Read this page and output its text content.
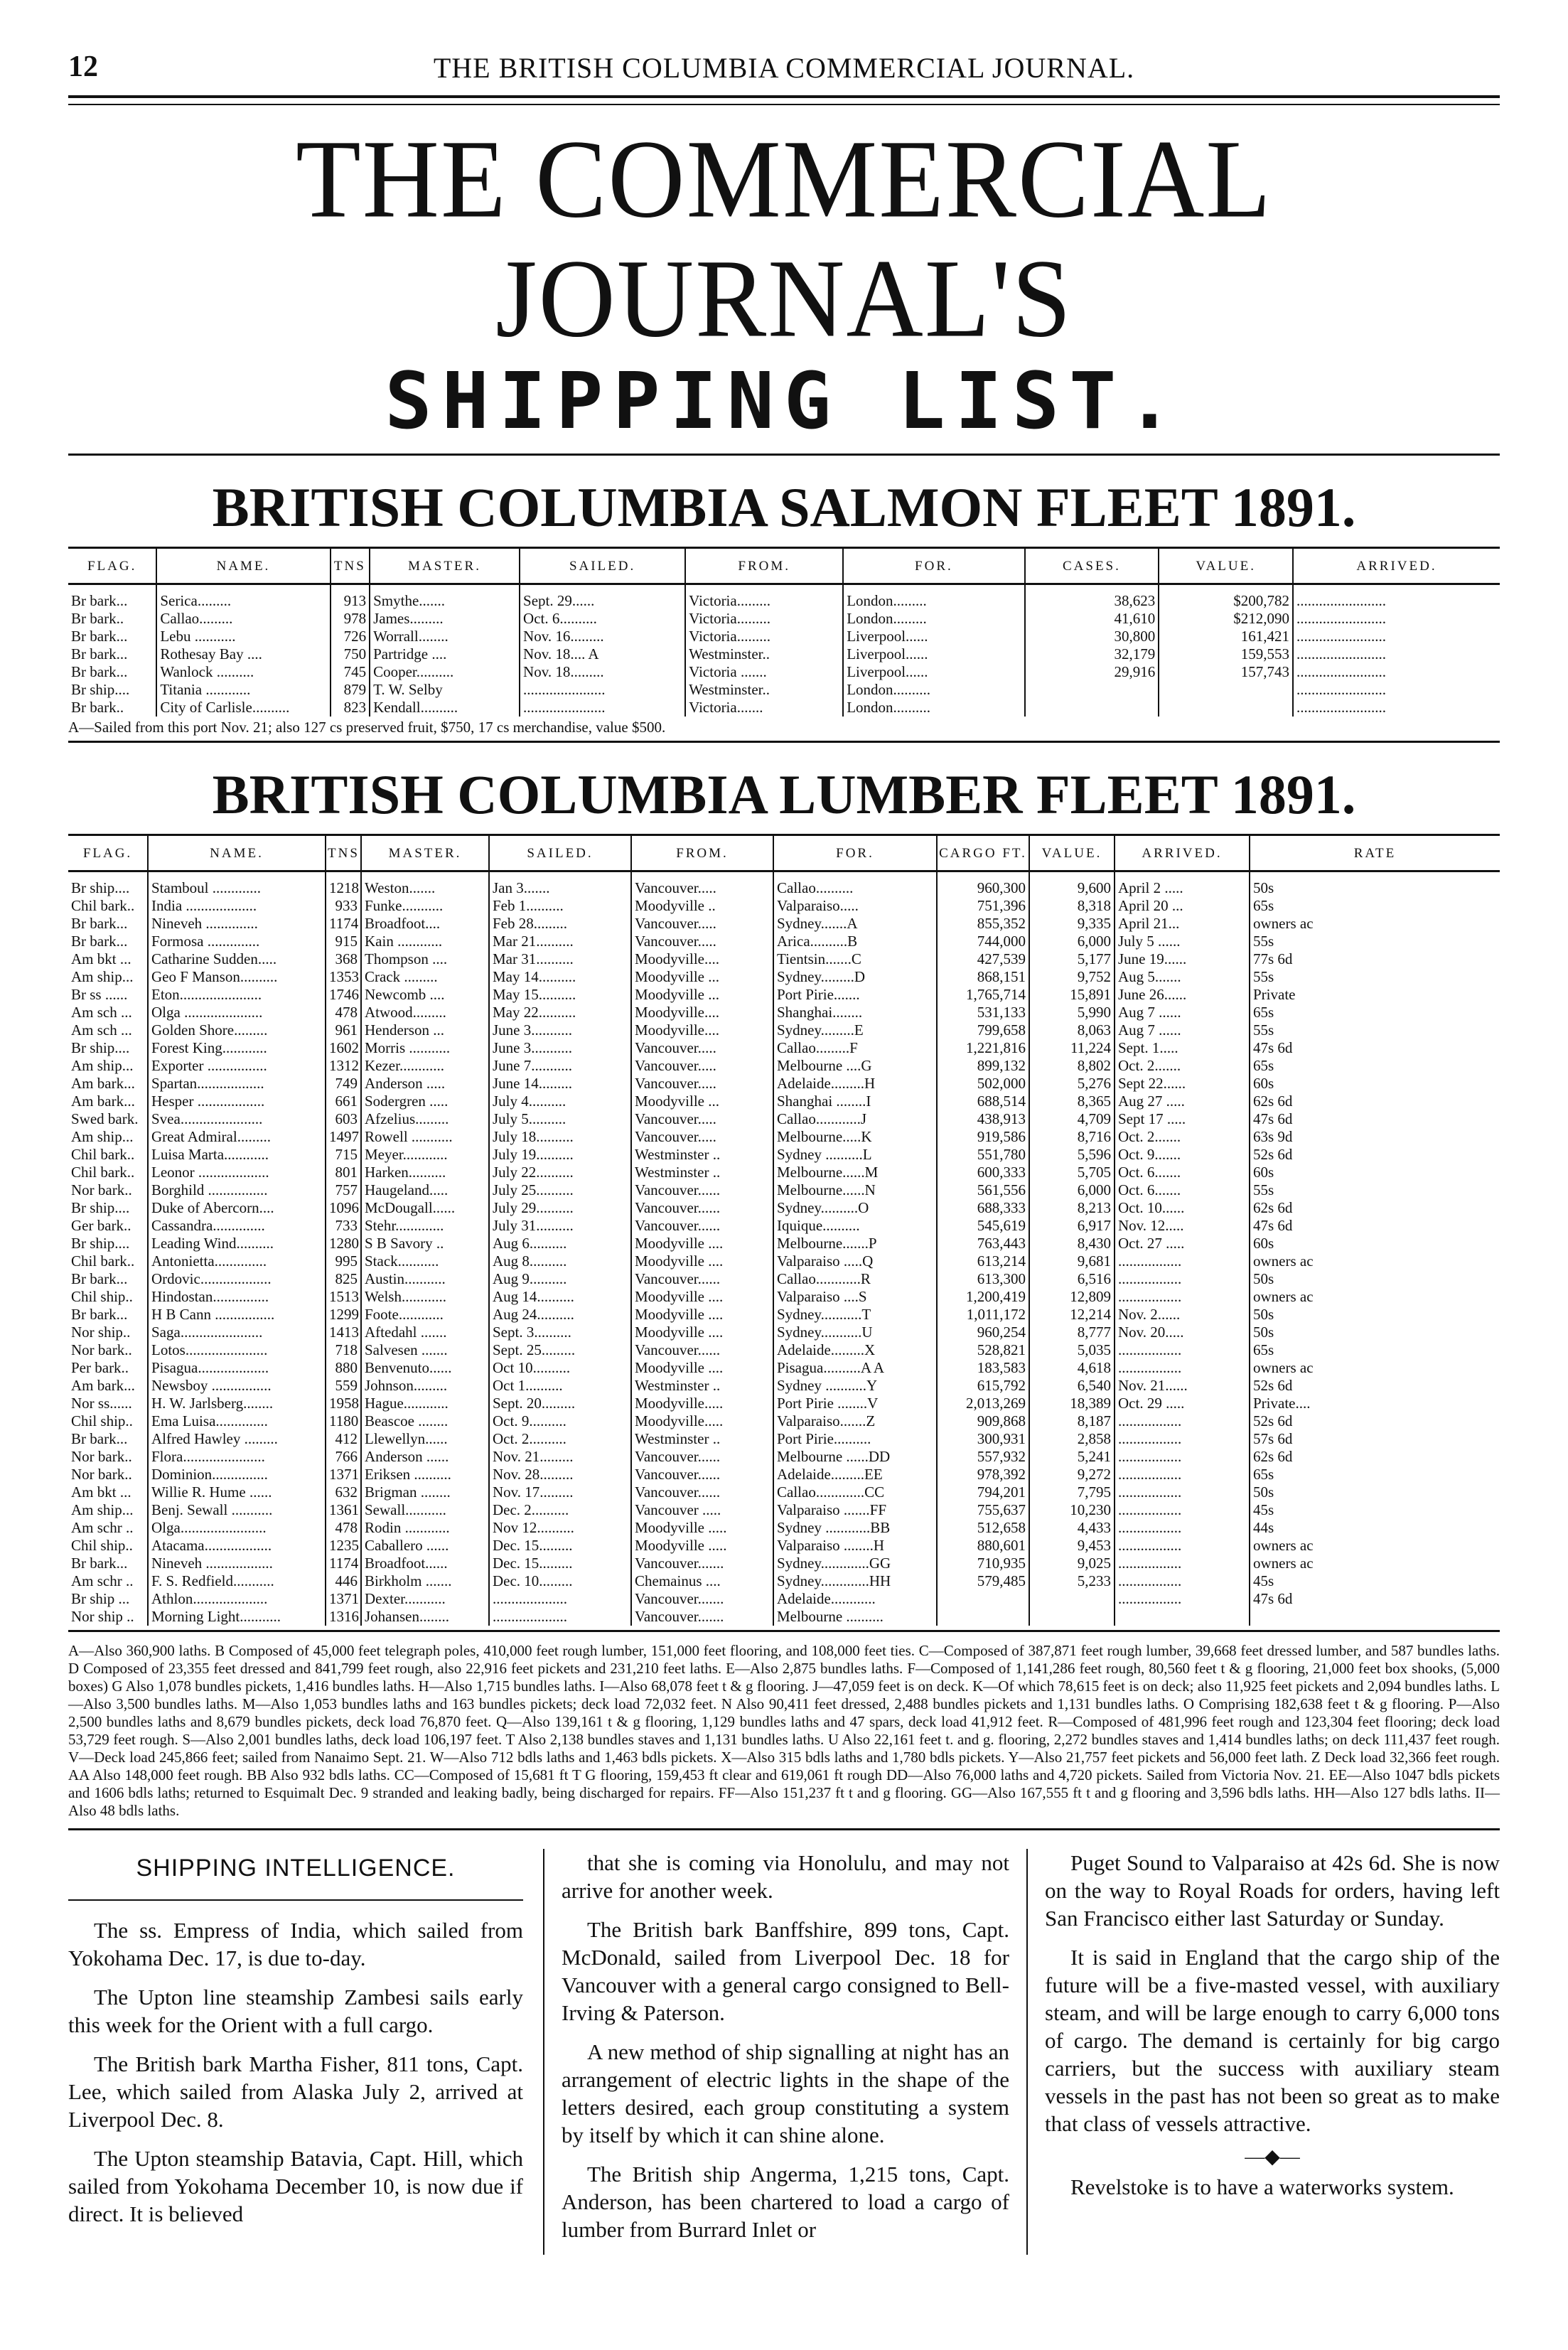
12	THE BRITISH COLUMBIA COMMERCIAL JOURNAL.
THE COMMERCIAL JOURNAL'S
SHIPPING LIST.
BRITISH COLUMBIA SALMON FLEET 1891.
FLAG.	NAME.	TNS	MASTER.	SAILED.	FROM.	FOR.	CASES.	VALUE.	ARRIVED.
Br bark...	Serica.........	913	Smythe.......	Sept. 29......	Victoria.........	London.........	38,623	$200,782	........................
Br bark..	Callao.........	978	James.........	Oct. 6..........	Victoria.........	London.........	41,610	$212,090	........................
Br bark...	Lebu ...........	726	Worrall........	Nov. 16.........	Victoria.........	Liverpool......	30,800	161,421	........................
Br bark...	Rothesay Bay ....	750	Partridge ....	Nov. 18.... A	Westminster..	Liverpool......	32,179	159,553	........................
Br bark...	Wanlock ..........	745	Cooper..........	Nov. 18.........	Victoria .......	Liverpool......	29,916	157,743	........................
Br ship....	Titania ............	879	T. W. Selby	......................	Westminster..	London..........			........................
Br bark..	City of Carlisle..........	823	Kendall..........	......................	Victoria.......	London..........			........................
A—Sailed from this port Nov. 21; also 127 cs preserved fruit, $750, 17 cs merchandise, value $500.
BRITISH COLUMBIA LUMBER FLEET 1891.
FLAG.	NAME.	TNS	MASTER.	SAILED.	FROM.	FOR.	CARGO FT.	VALUE.	ARRIVED.	RATE
Br ship....	Stamboul .............	1218	Weston.......	Jan 3.......	Vancouver.....	Callao..........	960,300	9,600	April 2 .....	50s
Chil bark..	India ...................	933	Funke...........	Feb 1..........	Moodyville ..	Valparaiso.....	751,396	8,318	April 20 ...	65s
Br bark...	Nineveh ..............	1174	Broadfoot....	Feb 28.........	Vancouver.....	Sydney.......A	855,352	9,335	April 21...	owners ac
Br bark...	Formosa ..............	915	Kain ............	Mar 21..........	Vancouver.....	Arica..........B	744,000	6,000	July 5 ......	55s
Am bkt ...	Catharine Sudden.....	368	Thompson ....	Mar 31..........	Moodyville....	Tientsin.......C	427,539	5,177	June 19......	77s 6d
Am ship...	Geo F Manson..........	1353	Crack .........	May 14..........	Moodyville ...	Sydney.........D	868,151	9,752	Aug 5.......	55s
Br ss ......	Eton......................	1746	Newcomb ....	May 15..........	Moodyville ...	Port Pirie.......	1,765,714	15,891	June 26......	Private
Am sch ...	Olga .....................	478	Atwood.........	May 22..........	Moodyville....	Shanghai........	531,133	5,990	Aug 7 ......	65s
Am sch ...	Golden Shore.........	961	Henderson ...	June 3...........	Moodyville....	Sydney.........E	799,658	8,063	Aug 7 ......	55s
Br ship....	Forest King............	1602	Morris ...........	June 3...........	Vancouver.....	Callao.........F	1,221,816	11,224	Sept. 1.....	47s 6d
Am ship...	Exporter ................	1312	Kezer............	June 7...........	Vancouver.....	Melbourne ....G	899,132	8,802	Oct. 2.......	65s
Am bark...	Spartan..................	749	Anderson .....	June 14.........	Vancouver.....	Adelaide.........H	502,000	5,276	Sept 22......	60s
Am bark...	Hesper ..................	661	Sodergren .....	July 4..........	Moodyville ...	Shanghai ........I	688,514	8,365	Aug 27 .....	62s 6d
Swed bark.	Svea......................	603	Afzelius.........	July 5..........	Vancouver.....	Callao............J	438,913	4,709	Sept 17 .....	47s 6d
Am ship...	Great Admiral.........	1497	Rowell ...........	July 18..........	Vancouver.....	Melbourne.....K	919,586	8,716	Oct. 2.......	63s 9d
Chil bark..	Luisa Marta............	715	Meyer............	July 19..........	Westminster ..	Sydney ..........L	551,780	5,596	Oct. 9.......	52s 6d
Chil bark..	Leonor ...................	801	Harken..........	July 22..........	Westminster ..	Melbourne......M	600,333	5,705	Oct. 6.......	60s
Nor bark..	Borghild ................	757	Haugeland.....	July 25..........	Vancouver......	Melbourne......N	561,556	6,000	Oct. 6.......	55s
Br ship....	Duke of Abercorn....	1096	McDougall......	July 29..........	Vancouver......	Sydney..........O	688,333	8,213	Oct. 10......	62s 6d
Ger bark..	Cassandra..............	733	Stehr.............	July 31..........	Vancouver......	Iquique..........	545,619	6,917	Nov. 12.....	47s 6d
Br ship....	Leading Wind..........	1280	S B Savory ..	Aug 6..........	Moodyville ....	Melbourne.......P	763,443	8,430	Oct. 27 .....	60s
Chil bark..	Antonietta..............	995	Stack...........	Aug 8..........	Moodyville ....	Valparaiso .....Q	613,214	9,681	.................	owners ac
Br bark...	Ordovic...................	825	Austin...........	Aug 9..........	Vancouver......	Callao............R	613,300	6,516	.................	50s
Chil ship..	Hindostan...............	1513	Welsh............	Aug 14..........	Moodyville ....	Valparaiso ....S	1,200,419	12,809	.................	owners ac
Br bark...	H B Cann ................	1299	Foote............	Aug 24..........	Moodyville ....	Sydney...........T	1,011,172	12,214	Nov. 2......	50s
Nor ship..	Saga......................	1413	Aftedahl .......	Sept. 3..........	Moodyville ....	Sydney...........U	960,254	8,777	Nov. 20.....	50s
Nor bark..	Lotos......................	718	Salvesen .......	Sept. 25.........	Vancouver......	Adelaide.........X	528,821	5,035	.................	65s
Per bark..	Pisagua...................	880	Benvenuto......	Oct 10..........	Moodyville ....	Pisagua..........A A	183,583	4,618	.................	owners ac
Am bark...	Newsboy ................	559	Johnson.........	Oct 1..........	Westminster ..	Sydney ...........Y	615,792	6,540	Nov. 21......	52s 6d
Nor ss......	H. W. Jarlsberg........	1958	Hague............	Sept. 20.........	Moodyville.....	Port Pirie ........V	2,013,269	18,389	Oct. 29 .....	Private....
Chil ship..	Ema Luisa..............	1180	Beascoe ........	Oct. 9..........	Moodyville.....	Valparaiso.......Z	909,868	8,187	.................	52s 6d
Br bark...	Alfred Hawley .........	412	Llewellyn......	Oct. 2..........	Westminster ..	Port Pirie..........	300,931	2,858	.................	57s 6d
Nor bark..	Flora......................	766	Anderson ......	Nov. 21.........	Vancouver......	Melbourne ......DD	557,932	5,241	.................	62s 6d
Nor bark..	Dominion...............	1371	Eriksen ..........	Nov. 28.........	Vancouver......	Adelaide.........EE	978,392	9,272	.................	65s
Am bkt ...	Willie R. Hume ......	632	Brigman ........	Nov. 17.........	Vancouver......	Callao.............CC	794,201	7,795	.................	50s
Am ship...	Benj. Sewall ...........	1361	Sewall...........	Dec. 2..........	Vancouver .....	Valparaiso .......FF	755,637	10,230	.................	45s
Am schr ..	Olga.......................	478	Rodin ............	Nov 12..........	Moodyville .....	Sydney ............BB	512,658	4,433	.................	44s
Chil ship..	Atacama..................	1235	Caballero ......	Dec. 15.........	Moodyville .....	Valparaiso ........H	880,601	9,453	.................	owners ac
Br bark...	Nineveh ..................	1174	Broadfoot......	Dec. 15.........	Vancouver.......	Sydney.............GG	710,935	9,025	.................	owners ac
Am schr ..	F. S. Redfield...........	446	Birkholm .......	Dec. 10.........	Chemainus ....	Sydney.............HH	579,485	5,233	.................	45s
Br ship ...	Athlon....................	1371	Dexter...........	....................	Vancouver.......	Adelaide............			.................	47s 6d
Nor ship ..	Morning Light...........	1316	Johansen........	....................	Vancouver.......	Melbourne ..........				
A—Also 360,900 laths. B Composed of 45,000 feet telegraph poles, 410,000 feet rough lumber, 151,000 feet flooring, and 108,000 feet ties. C—Composed of 387,871 feet rough lumber, 39,668 feet dressed lumber, and 587 bundles laths. D Composed of 23,355 feet dressed and 841,799 feet rough, also 22,916 feet pickets and 231,210 feet laths. E—Also 2,875 bundles laths. F—Composed of 1,141,286 feet rough, 80,560 feet t & g flooring, 21,000 feet box shooks, (5,000 boxes) G Also 1,078 bundles pickets, 1,416 bundles laths. H—Also 1,715 bundles laths. I—Also 68,078 feet t & g flooring. J—47,059 feet is on deck. K—Of which 78,615 feet is on deck; also 11,925 feet pickets and 2,094 bundles laths. L—Also 3,500 bundles laths. M—Also 1,053 bundles laths and 163 bundles pickets; deck load 72,032 feet. N Also 90,411 feet dressed, 2,488 bundles pickets and 1,131 bundles laths. O Comprising 182,638 feet t & g flooring. P—Also 2,500 bundles laths and 8,679 bundles pickets, deck load 76,870 feet. Q—Also 139,161 t & g flooring, 1,129 bundles laths and 47 spars, deck load 41,912 feet. R—Composed of 481,996 feet rough and 123,304 feet flooring; deck load 53,729 feet rough. S—Also 2,001 bundles laths, deck load 106,197 feet. T Also 2,138 bundles staves and 1,131 bundles laths. U Also 22,161 feet t. and g. flooring, 2,272 bundles staves and 1,414 bundles laths; on deck 111,437 feet rough. V—Deck load 245,866 feet; sailed from Nanaimo Sept. 21. W—Also 712 bdls laths and 1,463 bdls pickets. X—Also 315 bdls laths and 1,780 bdls pickets. Y—Also 21,757 feet pickets and 56,000 feet lath. Z Deck load 32,366 feet rough. AA Also 148,000 feet rough. BB Also 932 bdls laths. CC—Composed of 15,681 ft T G flooring, 159,453 ft clear and 619,061 ft rough DD—Also 76,000 laths and 4,720 pickets. Sailed from Victoria Nov. 21. EE—Also 1047 bdls pickets and 1606 bdls laths; returned to Esquimalt Dec. 9 stranded and leaking badly, being discharged for repairs. FF—Also 151,237 ft t and g flooring. GG—Also 167,555 ft t and g flooring and 3,596 bdls laths. HH—Also 127 bdls laths. II—Also 48 bdls laths.
SHIPPING INTELLIGENCE.

The ss. Empress of India, which sailed from Yokohama Dec. 17, is due to-day.

The Upton line steamship Zambesi sails early this week for the Orient with a full cargo.

The British bark Martha Fisher, 811 tons, Capt. Lee, which sailed from Alaska July 2, arrived at Liverpool Dec. 8.

The Upton steamship Batavia, Capt. Hill, which sailed from Yokohama December 10, is now due if direct. It is believed

that she is coming via Honolulu, and may not arrive for another week.

The British bark Banffshire, 899 tons, Capt. McDonald, sailed from Liverpool Dec. 18 for Vancouver with a general cargo consigned to Bell-Irving & Paterson.

A new method of ship signalling at night has an arrangement of electric lights in the shape of the letters desired, each group constituting a system by itself by which it can shine alone.

The British ship Angerma, 1,215 tons, Capt. Anderson, has been chartered to load a cargo of lumber from Burrard Inlet or

Puget Sound to Valparaiso at 42s 6d. She is now on the way to Royal Roads for orders, having left San Francisco either last Saturday or Sunday.

It is said in England that the cargo ship of the future will be a five-masted vessel, with auxiliary steam, and will be large enough to carry 6,000 tons of cargo. The demand is certainly for big cargo carriers, but the success with auxiliary steam vessels in the past has not been so great as to make that class of vessels attractive.

—◆—

Revelstoke is to have a waterworks system.
